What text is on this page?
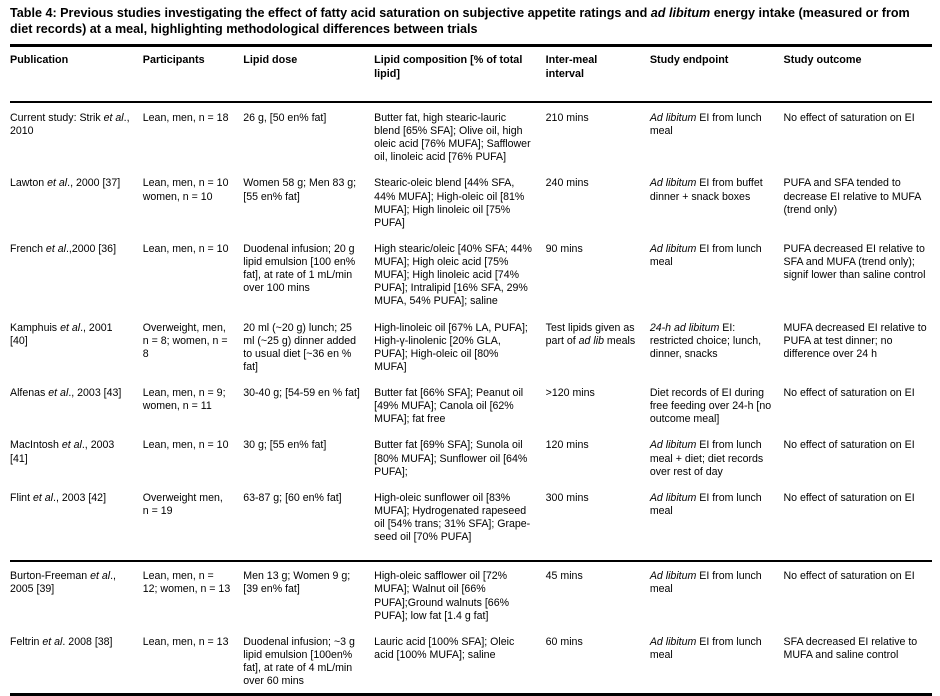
Table 4: Previous studies investigating the effect of fatty acid saturation on subjective appetite ratings and ad libitum energy intake (measured or from diet records) at a meal, highlighting methodological differences between trials
Publication	Participants	Lipid dose	Lipid composition [% of total lipid]	Inter-meal interval	Study endpoint	Study outcome
Current study: Strik et al., 2010	Lean, men, n = 18	26 g, [50 en% fat]	Butter fat, high stearic-lauric blend [65% SFA]; Olive oil, high oleic acid [76% MUFA]; Safflower oil, linoleic acid [76% PUFA]	210 mins	Ad libitum EI from lunch meal	No effect of saturation on EI
Lawton et al., 2000 [37]	Lean, men, n = 10 women, n = 10	Women 58 g; Men 83 g; [55 en% fat]	Stearic-oleic blend [44% SFA, 44% MUFA]; High-oleic oil [81% MUFA]; High linoleic oil [75% PUFA]	240 mins	Ad libitum EI from buffet dinner + snack boxes	PUFA and SFA tended to decrease EI relative to MUFA (trend only)
French et al.,2000 [36]	Lean, men, n = 10	Duodenal infusion; 20 g lipid emulsion [100 en% fat], at rate of 1 mL/min over 100 mins	High stearic/oleic [40% SFA; 44% MUFA]; High oleic acid [75% MUFA]; High linoleic acid [74% PUFA]; Intralipid [16% SFA, 29% MUFA, 54% PUFA]; saline	90 mins	Ad libitum EI from lunch meal	PUFA decreased EI relative to SFA and MUFA (trend only); signif lower than saline control
Kamphuis et al., 2001 [40]	Overweight, men, n = 8; women, n = 8	20 ml (~20 g) lunch; 25 ml (~25 g) dinner added to usual diet [~36 en % fat]	High-linoleic oil [67% LA, PUFA]; High-γ-linolenic [20% GLA, PUFA]; High-oleic oil [80% MUFA]	Test lipids given as part of ad lib meals	24-h ad libitum EI: restricted choice; lunch, dinner, snacks	MUFA decreased EI relative to PUFA at test dinner; no difference over 24 h
Alfenas et al., 2003 [43]	Lean, men, n = 9; women, n = 11	30-40 g; [54-59 en % fat]	Butter fat [66% SFA]; Peanut oil [49% MUFA]; Canola oil [62% MUFA]; fat free	>120 mins	Diet records of EI during free feeding over 24-h [no outcome meal]	No effect of saturation on EI
MacIntosh et al., 2003 [41]	Lean, men, n = 10	30 g; [55 en% fat]	Butter fat [69% SFA]; Sunola oil [80% MUFA]; Sunflower oil [64% PUFA];	120 mins	Ad libitum EI from lunch meal + diet; diet records over rest of day	No effect of saturation on EI
Flint et al., 2003 [42]	Overweight men, n = 19	63-87 g; [60 en% fat]	High-oleic sunflower oil [83% MUFA]; Hydrogenated rapeseed oil [54% trans; 31% SFA]; Grape- seed oil [70% PUFA]	300 mins	Ad libitum EI from lunch meal	No effect of saturation on EI
Burton-Freeman et al., 2005 [39]	Lean, men, n = 12; women, n = 13	Men 13 g; Women 9 g; [39 en% fat]	High-oleic safflower oil [72% MUFA]; Walnut oil [66% PUFA];Ground walnuts [66% PUFA]; low fat [1.4 g fat]	45 mins	Ad libitum EI from lunch meal	No effect of saturation on EI
Feltrin et al. 2008 [38]	Lean, men, n = 13	Duodenal infusion; ~3 g lipid emulsion [100en% fat], at rate of 4 mL/min over 60 mins	Lauric acid [100% SFA]; Oleic acid [100% MUFA]; saline	60 mins	Ad libitum EI from lunch meal	SFA decreased EI relative to MUFA and saline control
